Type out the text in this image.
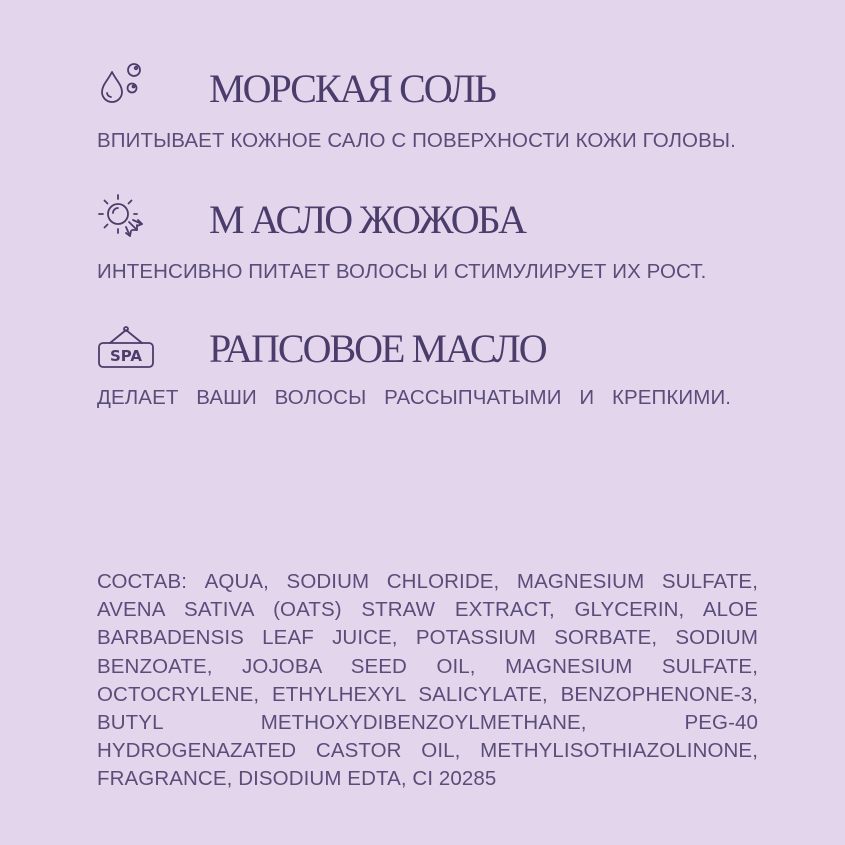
МОРСКАЯ СОЛЬ
ВПИТЫВАЕТ КОЖНОЕ САЛО С ПОВЕРХНОСТИ КОЖИ ГОЛОВЫ.
М АСЛО ЖОЖОБА
ИНТЕНСИВНО ПИТАЕТ ВОЛОСЫ И СТИМУЛИРУЕТ ИХ РОСТ.
SPA РАПСОВОЕ МАСЛО
ДЕЛАЕТ ВАШИ ВОЛОСЫ РАССЫПЧАТЫМИ И КРЕПКИМИ.
СОСТАВ: AQUA, SODIUM CHLORIDE, MAGNESIUM SULFATE, AVENA SATIVA (OATS) STRAW EXTRACT, GLYCERIN, ALOE BARBADENSIS LEAF JUICE, POTASSIUM SORBATE, SODIUM BENZOATE, JOJOBA SEED OIL, MAGNESIUM SULFATE, OCTOCRYLENE, ETHYLHEXYL SALICYLATE, BENZOPHENONE-3, BUTYL METHOXYDIBENZOYLMETHANE, PEG-40 HYDROGENAZATED CASTOR OIL, METHYLISOTHIAZOLINONE, FRAGRANCE, DISODIUM EDTA, CI 20285
